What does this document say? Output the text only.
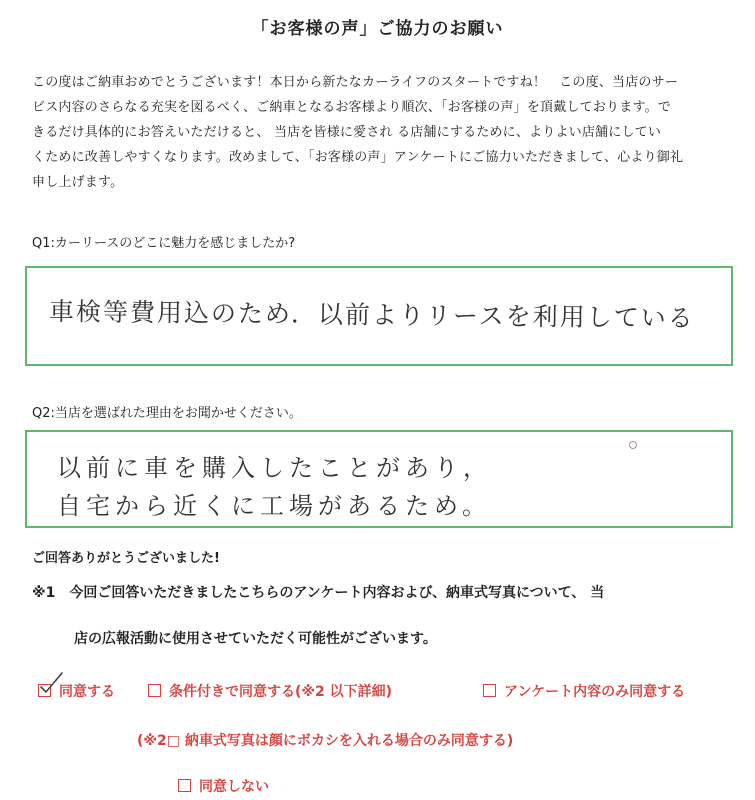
「お客様の声」ご協力のお願い
この度はご納車おめでとうございます！本日から新たなカーライフのスタートですね！　この度、当店のサー
ビス内容のさらなる充実を図るべく、ご納車となるお客様より順次、「お客様の声」を頂戴しております。で
きるだけ具体的にお答えいただけると、 当店を皆様に愛され る店舗にするために、よりよい店舗にしてい
くために改善しやすくなります。改めまして、「お客様の声」アンケートにご協力いただきまして、心より御礼
申し上げます。
Q1:カーリースのどこに魅力を感じましたか?
車検等費用込のため．以前よりリースを利用している
Q2:当店を選ばれた理由をお聞かせください。
以前に車を購入したことがあり，
自宅から近くに工場があるため。
ご回答ありがとうございました!
※1　今回ご回答いただきましたこちらのアンケート内容および、納車式写真について、 当
店の広報活動に使用させていただく可能性がございます。
同意する	条件付きで同意する(※2 以下詳細)	アンケート内容のみ同意する
(※2□ 納車式写真は顔にボカシを入れる場合のみ同意する)
同意しない
